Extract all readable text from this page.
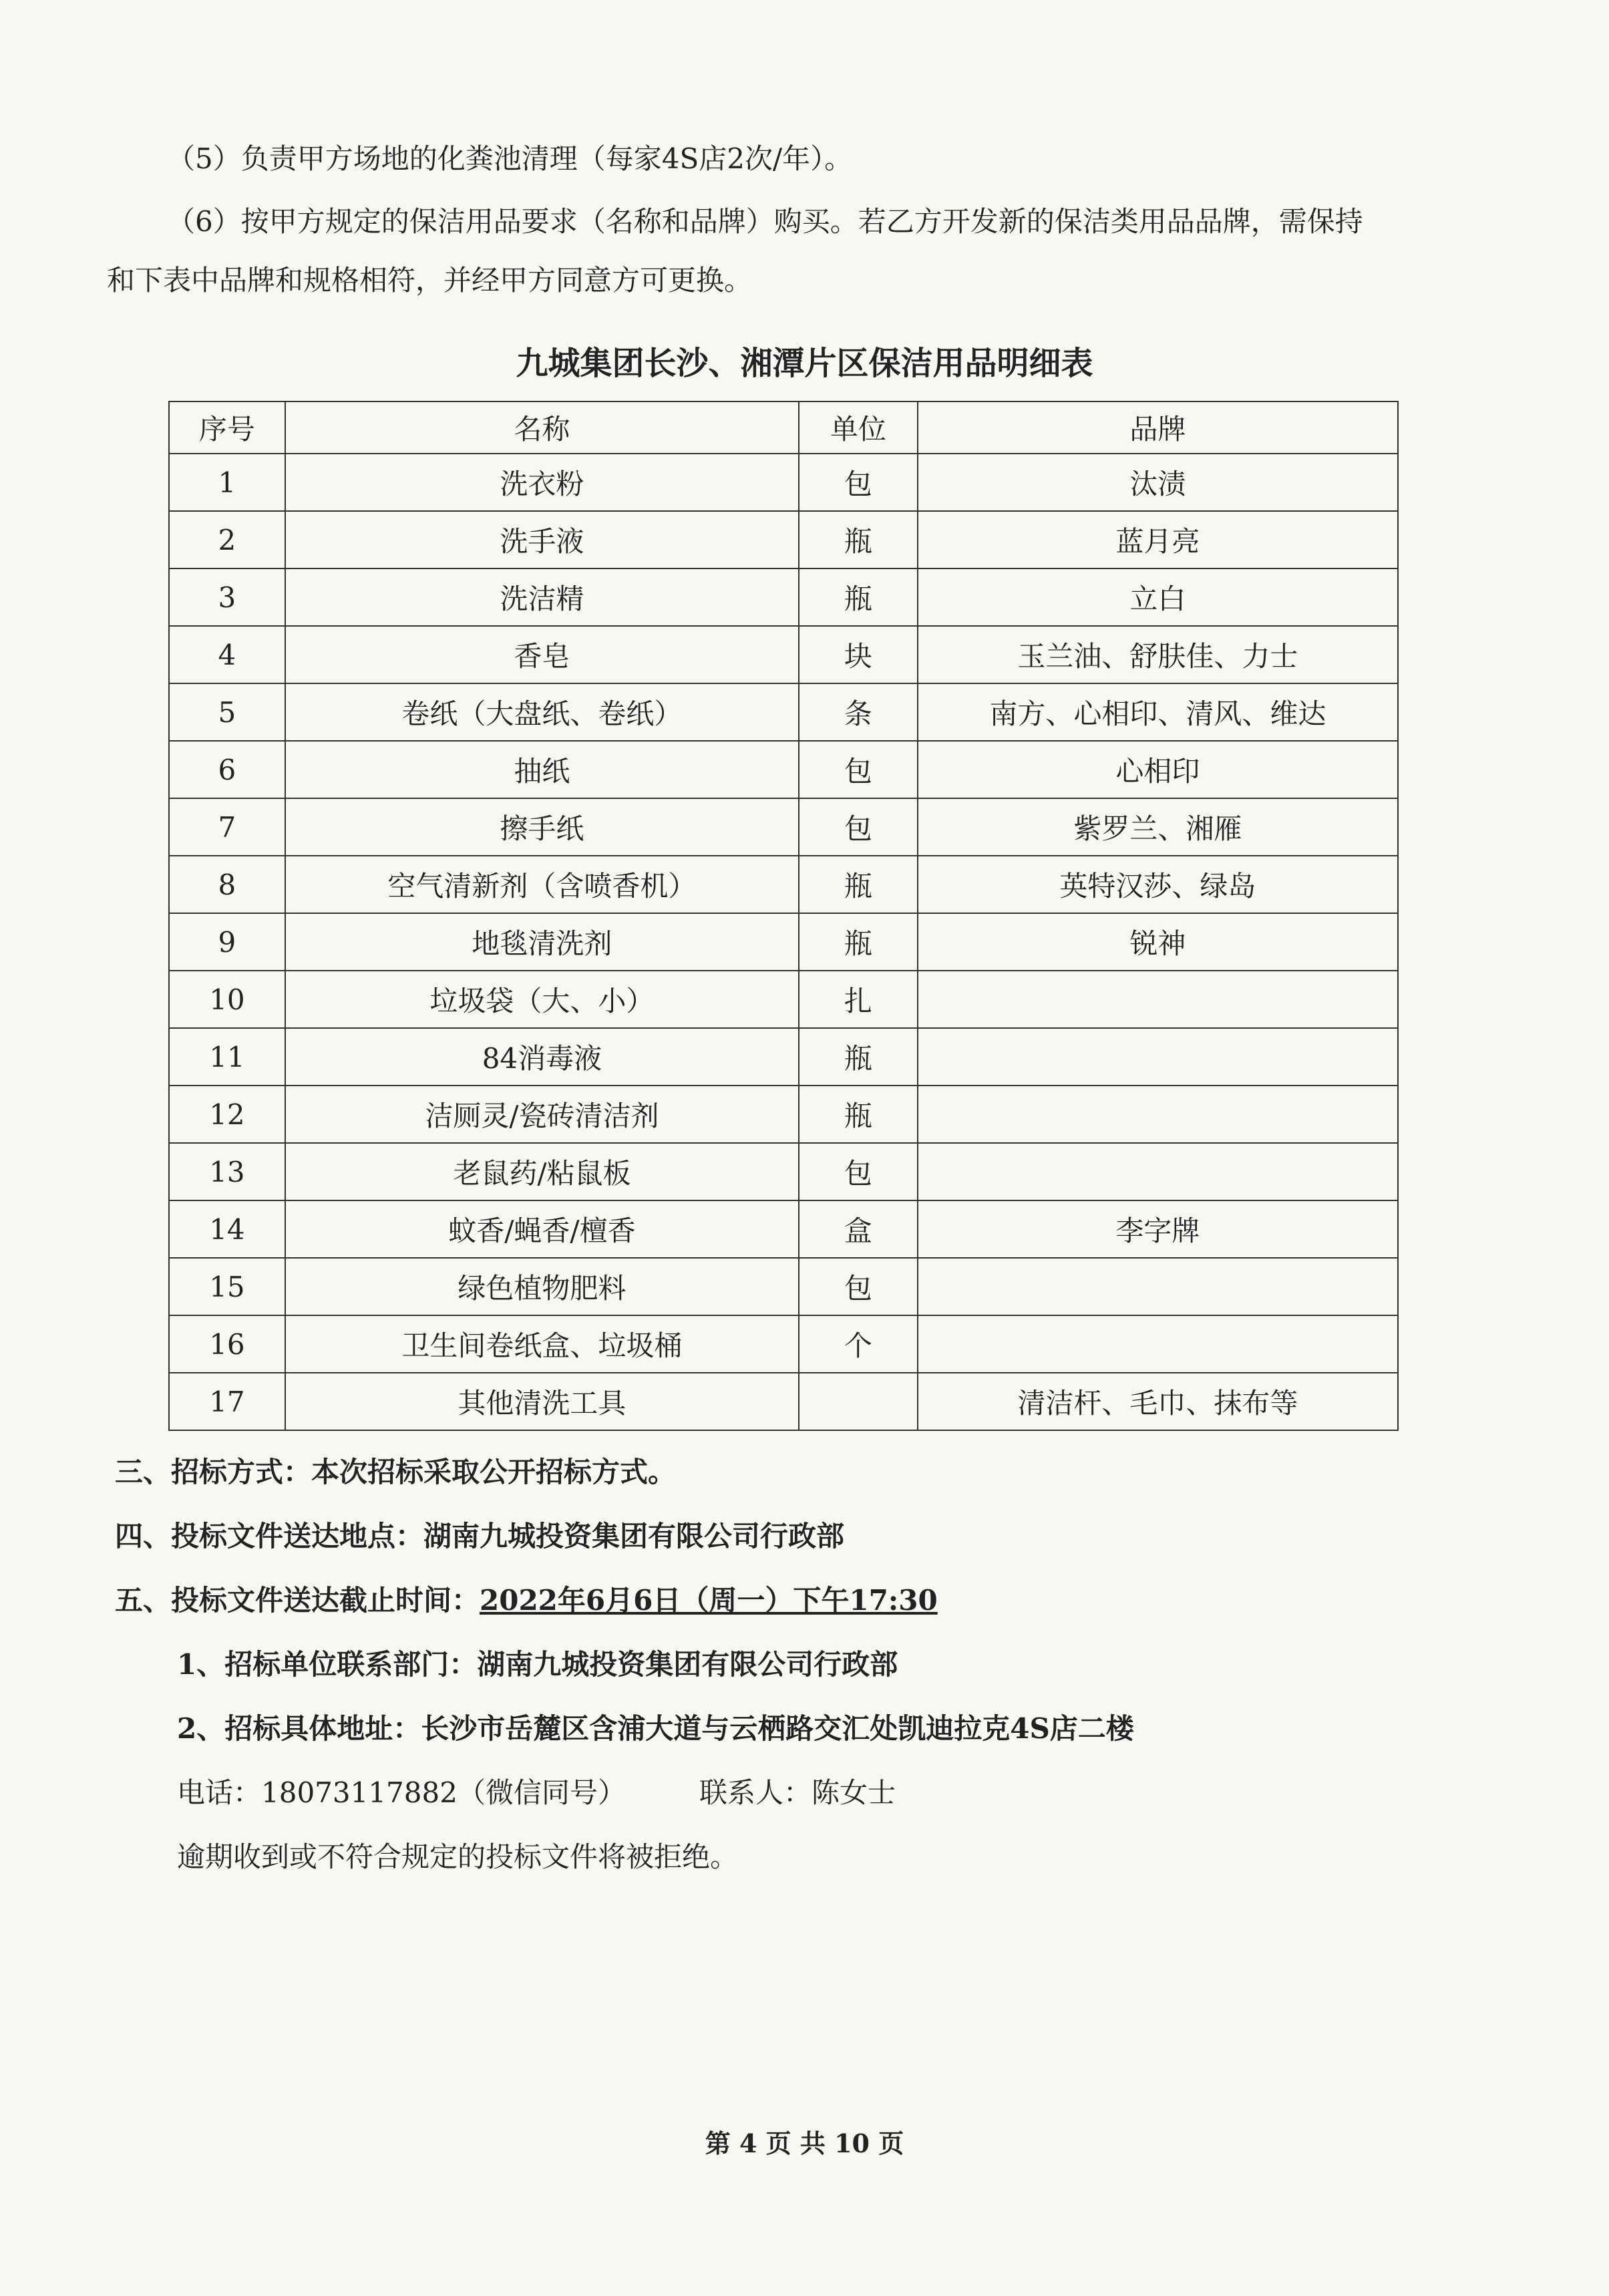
（5）负责甲方场地的化粪池清理（每家4S店2次/年）。
（6）按甲方规定的保洁用品要求（名称和品牌）购买。若乙方开发新的保洁类用品品牌，需保持
和下表中品牌和规格相符，并经甲方同意方可更换。
九城集团长沙、湘潭片区保洁用品明细表
序号	名称	单位	品牌
1	洗衣粉	包	汰渍
2	洗手液	瓶	蓝月亮
3	洗洁精	瓶	立白
4	香皂	块	玉兰油、舒肤佳、力士
5	卷纸（大盘纸、卷纸）	条	南方、心相印、清风、维达
6	抽纸	包	心相印
7	擦手纸	包	紫罗兰、湘雁
8	空气清新剂（含喷香机）	瓶	英特汉莎、绿岛
9	地毯清洗剂	瓶	锐神
10	垃圾袋（大、小）	扎	
11	84消毒液	瓶	
12	洁厕灵/瓷砖清洁剂	瓶	
13	老鼠药/粘鼠板	包	
14	蚊香/蝇香/檀香	盒	李字牌
15	绿色植物肥料	包	
16	卫生间卷纸盒、垃圾桶	个	
17	其他清洗工具		清洁杆、毛巾、抹布等
三、招标方式：本次招标采取公开招标方式。
四、投标文件送达地点：湖南九城投资集团有限公司行政部
五、投标文件送达截止时间：2022年6月6日（周一）下午17:30
1、招标单位联系部门：湖南九城投资集团有限公司行政部
2、招标具体地址：长沙市岳麓区含浦大道与云栖路交汇处凯迪拉克4S店二楼
电话：18073117882（微信同号）	联系人：陈女士
逾期收到或不符合规定的投标文件将被拒绝。
第 4 页 共 10 页
